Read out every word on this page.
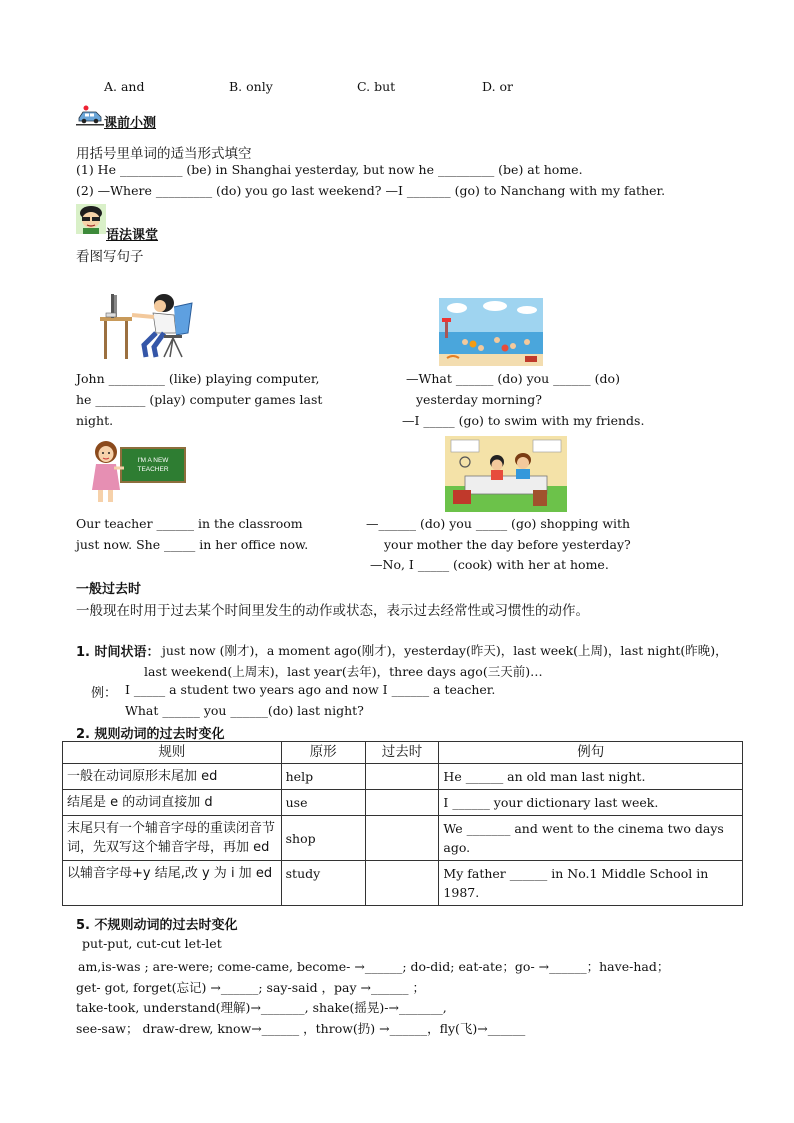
A. and	B. only	C. but	D. or
课前小测
用括号里单词的适当形式填空
(1) He __________ (be) in Shanghai yesterday, but now he _________ (be) at home.
(2) —Where _________ (do) you go last weekend? —I _______ (go) to Nanchang with my father.
语法课堂
看图写句子
John _________ (like) playing computer,
he ________ (play) computer games last
night.
—What ______ (do) you ______ (do)
yesterday morning?
—I _____ (go) to swim with my friends.
I'M A NEW
TEACHER
Our teacher ______ in the classroom
just now. She _____ in her office now.
—______ (do) you _____ (go) shopping with
your mother the day before yesterday?
—No, I _____ (cook) with her at home.
一般过去时
一般现在时用于过去某个时间里发生的动作或状态，表示过去经常性或习惯性的动作。
1. 时间状语： just now (刚才)，a moment ago(刚才)，yesterday(昨天)，last week(上周)，last night(昨晚)，
last weekend(上周末)，last year(去年)，three days ago(三天前)…
例： I _____ a student two years ago and now I ______ a teacher.
What ______ you ______(do) last night?
2. 规则动词的过去时变化
规则	原形	过去时	例句
一般在动词原形末尾加 ed	help		He ______ an old man last night.
结尾是 e 的动词直接加 d	use		I ______ your dictionary last week.
末尾只有一个辅音字母的重读闭音节词，先双写这个辅音字母，再加 ed	shop		We _______ and went to the cinema two days ago.
以辅音字母+y 结尾,改 y 为 i 加 ed	study		My father ______ in No.1 Middle School in 1987.
5. 不规则动词的过去时变化
put-put, cut-cut let-let
am,is-was ; are-were; come-came, become- →______; do-did; eat-ate；go- →______；have-had；
get- got, forget(忘记) →______; say-said ，pay →______ ；
take-took, understand(理解)→_______, shake(摇晃)-→_______,
see-saw； draw-drew, know→______ ，throw(扔) →______，fly(飞)→______
